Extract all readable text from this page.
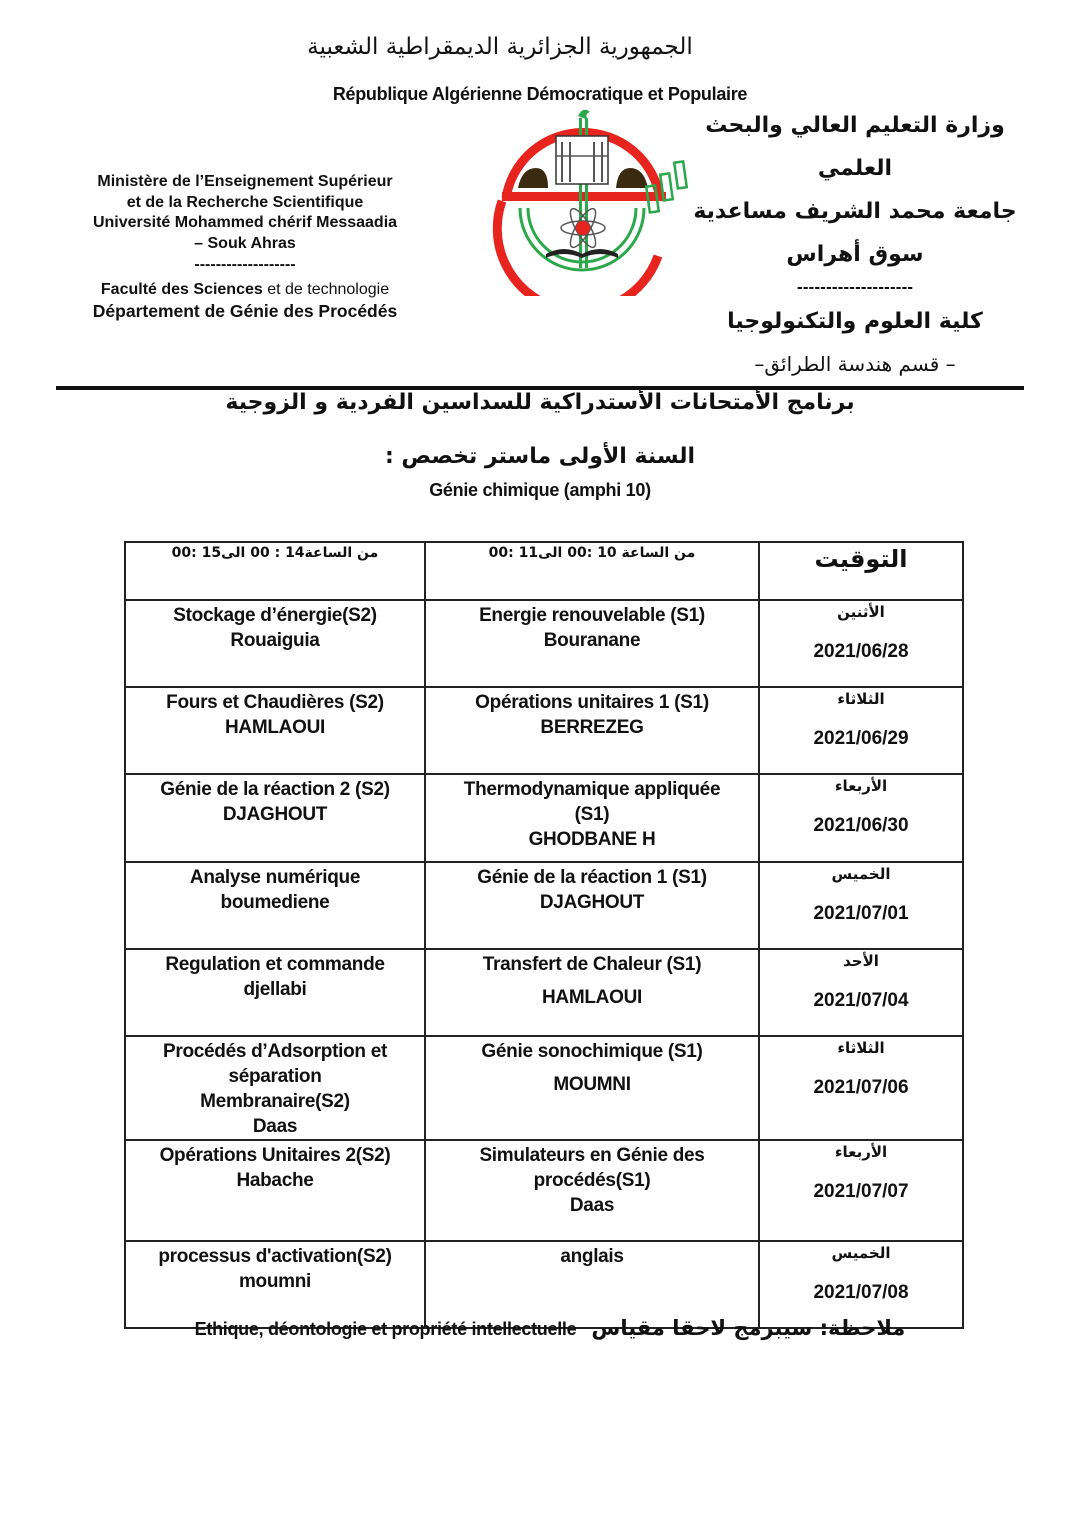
الجمهورية الجزائرية الديمقراطية الشعبية
République Algérienne Démocratique et Populaire
Ministère de l’Enseignement Supérieur
et de la Recherche Scientifique
Université Mohammed chérif Messaadia
– Souk Ahras
-------------------
Faculté des Sciences et de technologie
Département de Génie des Procédés
وزارة التعليم العالي والبحث
العلمي
جامعة محمد الشريف مساعدية
سوق أهراس
--------------------
كلية العلوم والتكنولوجيا
– قسم هندسة الطرائق–
برنامج الأمتحانات الأستدراكية للسداسين الفردية و الزوجية
السنة الأولى ماستر تخصص :
Génie chimique (amphi 10)
من الساعة14 : 00 الى15 :00	من الساعة 10 :00 الى11 :00	التوقيت

Stockage d’énergie(S2)
Rouaiguia	Energie renouvelable (S1)
Bouranane	الأثنين
2021/06/28

Fours et Chaudières (S2)
HAMLAOUI	Opérations unitaires 1 (S1)
BERREZEG	الثلاثاء
2021/06/29

Génie de la réaction 2 (S2)
DJAGHOUT	Thermodynamique appliquée
(S1)
GHODBANE H	الأربعاء
2021/06/30

Analyse numérique
boumediene	Génie de la réaction 1 (S1)
DJAGHOUT	الخميس
2021/07/01

Regulation et commande
djellabi	Transfert de Chaleur (S1)
HAMLAOUI	الأحد
2021/07/04

Procédés d’Adsorption et
séparation
Membranaire(S2)
Daas	Génie sonochimique (S1)
MOUMNI	الثلاثاء
2021/07/06

Opérations Unitaires 2(S2)
Habache	Simulateurs en Génie des
procédés(S1)
Daas	الأربعاء
2021/07/07

processus d'activation(S2)
moumni	anglais	الخميس
2021/07/08
ملاحظة: سيبرمج لاحقا مقياس   Ethique, déontologie et propriété intellectuelle
